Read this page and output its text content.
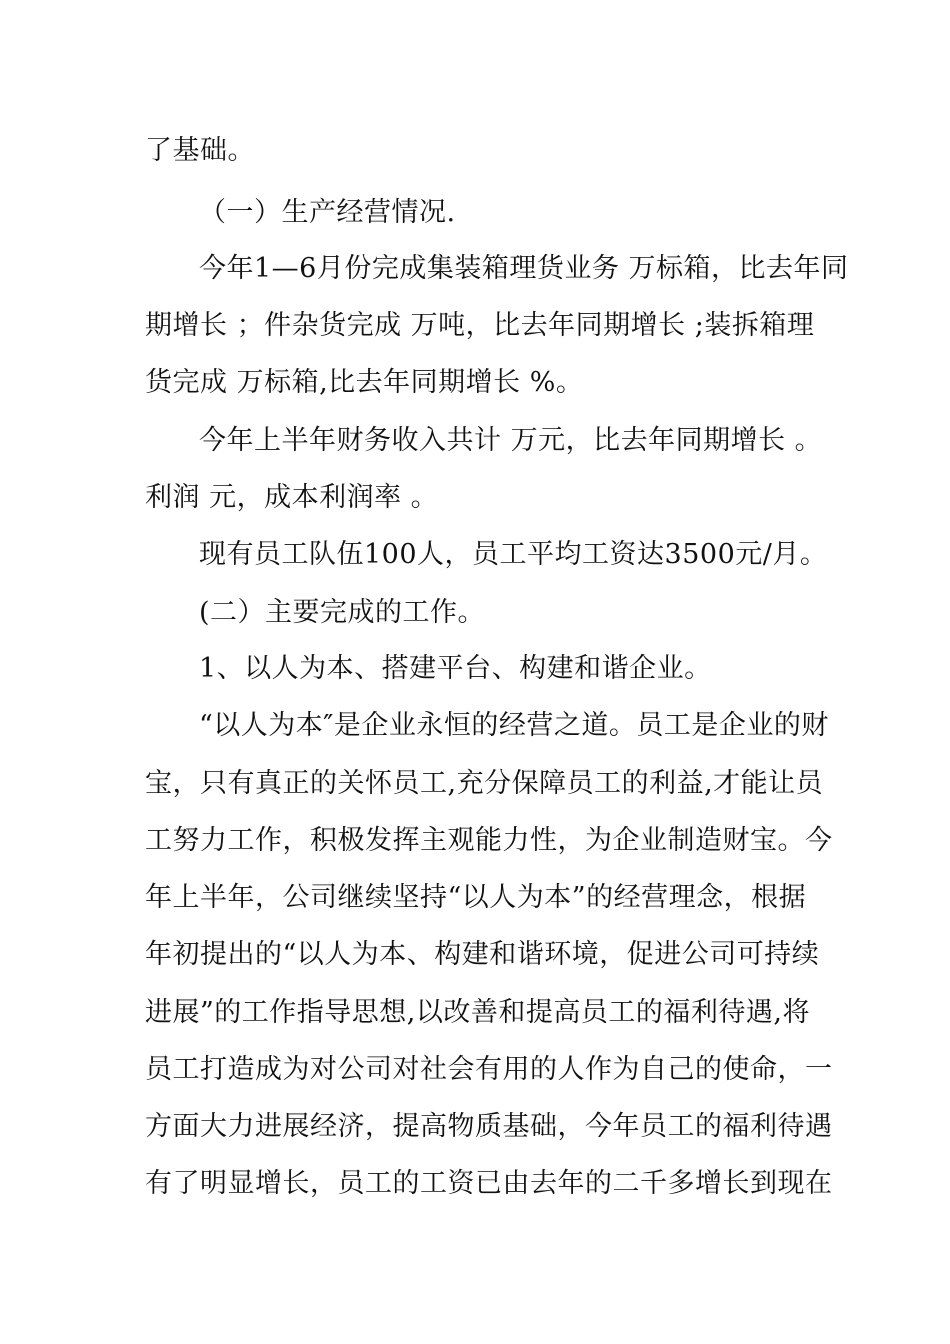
了基础。
（一）生产经营情况.
今年1—6月份完成集装箱理货业务 万标箱，比去年同
期增长 ；件杂货完成 万吨，比去年同期增长 ;装拆箱理
货完成 万标箱,比去年同期增长 %。
今年上半年财务收入共计 万元，比去年同期增长 。
利润 元，成本利润率 。
现有员工队伍100人，员工平均工资达3500元/月。
(二）主要完成的工作。
1、以人为本、搭建平台、构建和谐企业。
“以人为本″是企业永恒的经营之道。员工是企业的财
宝，只有真正的关怀员工,充分保障员工的利益,才能让员
工努力工作，积极发挥主观能力性，为企业制造财宝。今
年上半年，公司继续坚持“以人为本”的经营理念，根据
年初提出的“以人为本、构建和谐环境，促进公司可持续
进展”的工作指导思想,以改善和提高员工的福利待遇,将
员工打造成为对公司对社会有用的人作为自己的使命，一
方面大力进展经济，提高物质基础，今年员工的福利待遇
有了明显增长，员工的工资已由去年的二千多增长到现在
